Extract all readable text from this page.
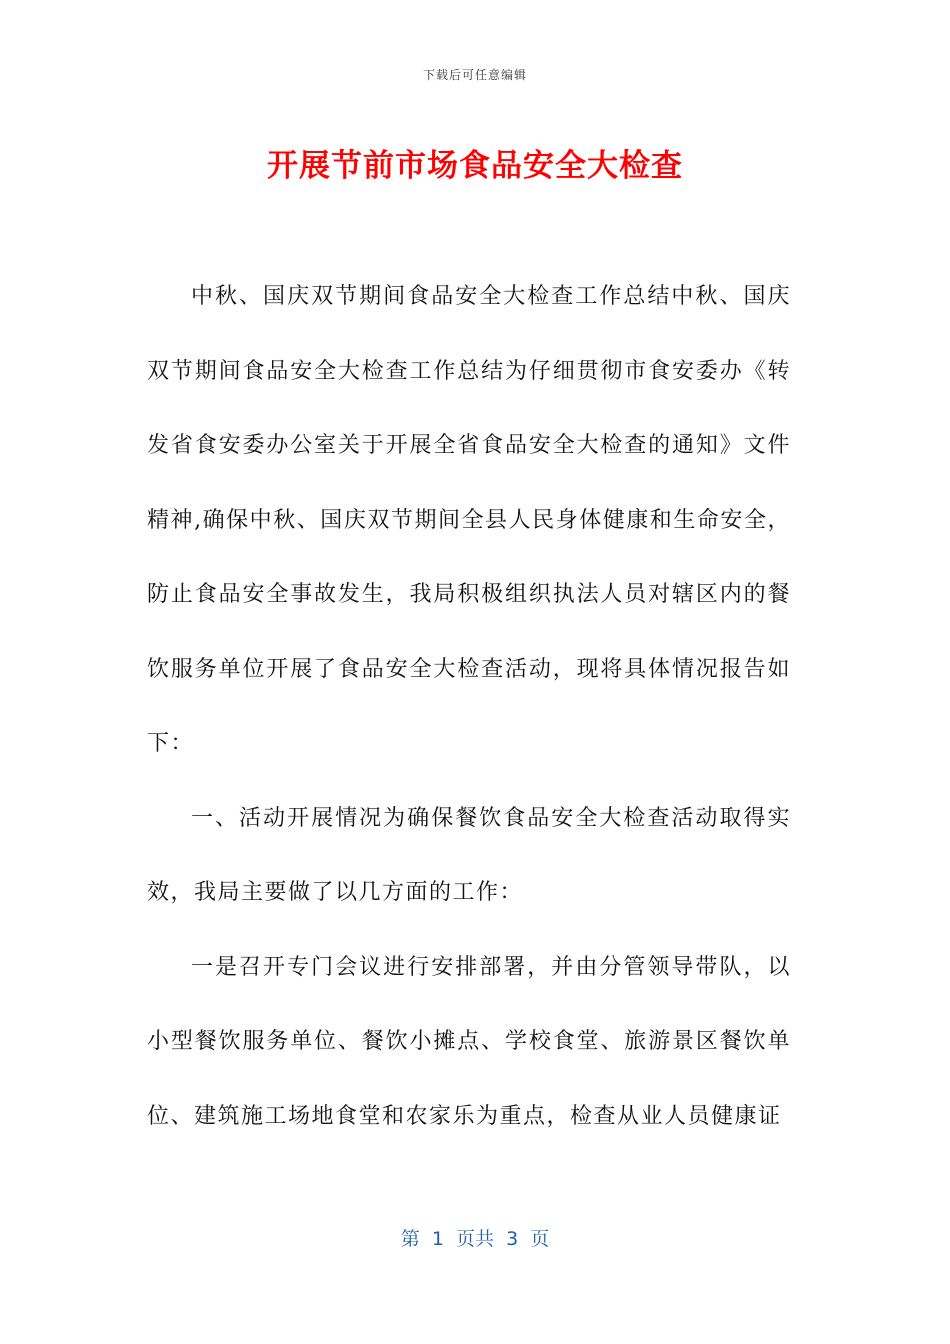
下载后可任意编辑
开展节前市场食品安全大检查

中秋、国庆双节期间食品安全大检查工作总结中秋、国庆双节期间食品安全大检查工作总结为仔细贯彻市食安委办《转发省食安委办公室关于开展全省食品安全大检查的通知》文件精神,确保中秋、国庆双节期间全县人民身体健康和生命安全，防止食品安全事故发生，我局积极组织执法人员对辖区内的餐饮服务单位开展了食品安全大检查活动，现将具体情况报告如下：

一、活动开展情况为确保餐饮食品安全大检查活动取得实效，我局主要做了以几方面的工作：

一是召开专门会议进行安排部署，并由分管领导带队，以小型餐饮服务单位、餐饮小摊点、学校食堂、旅游景区餐饮单位、建筑施工场地食堂和农家乐为重点，检查从业人员健康证

第  1  页共  3  页
